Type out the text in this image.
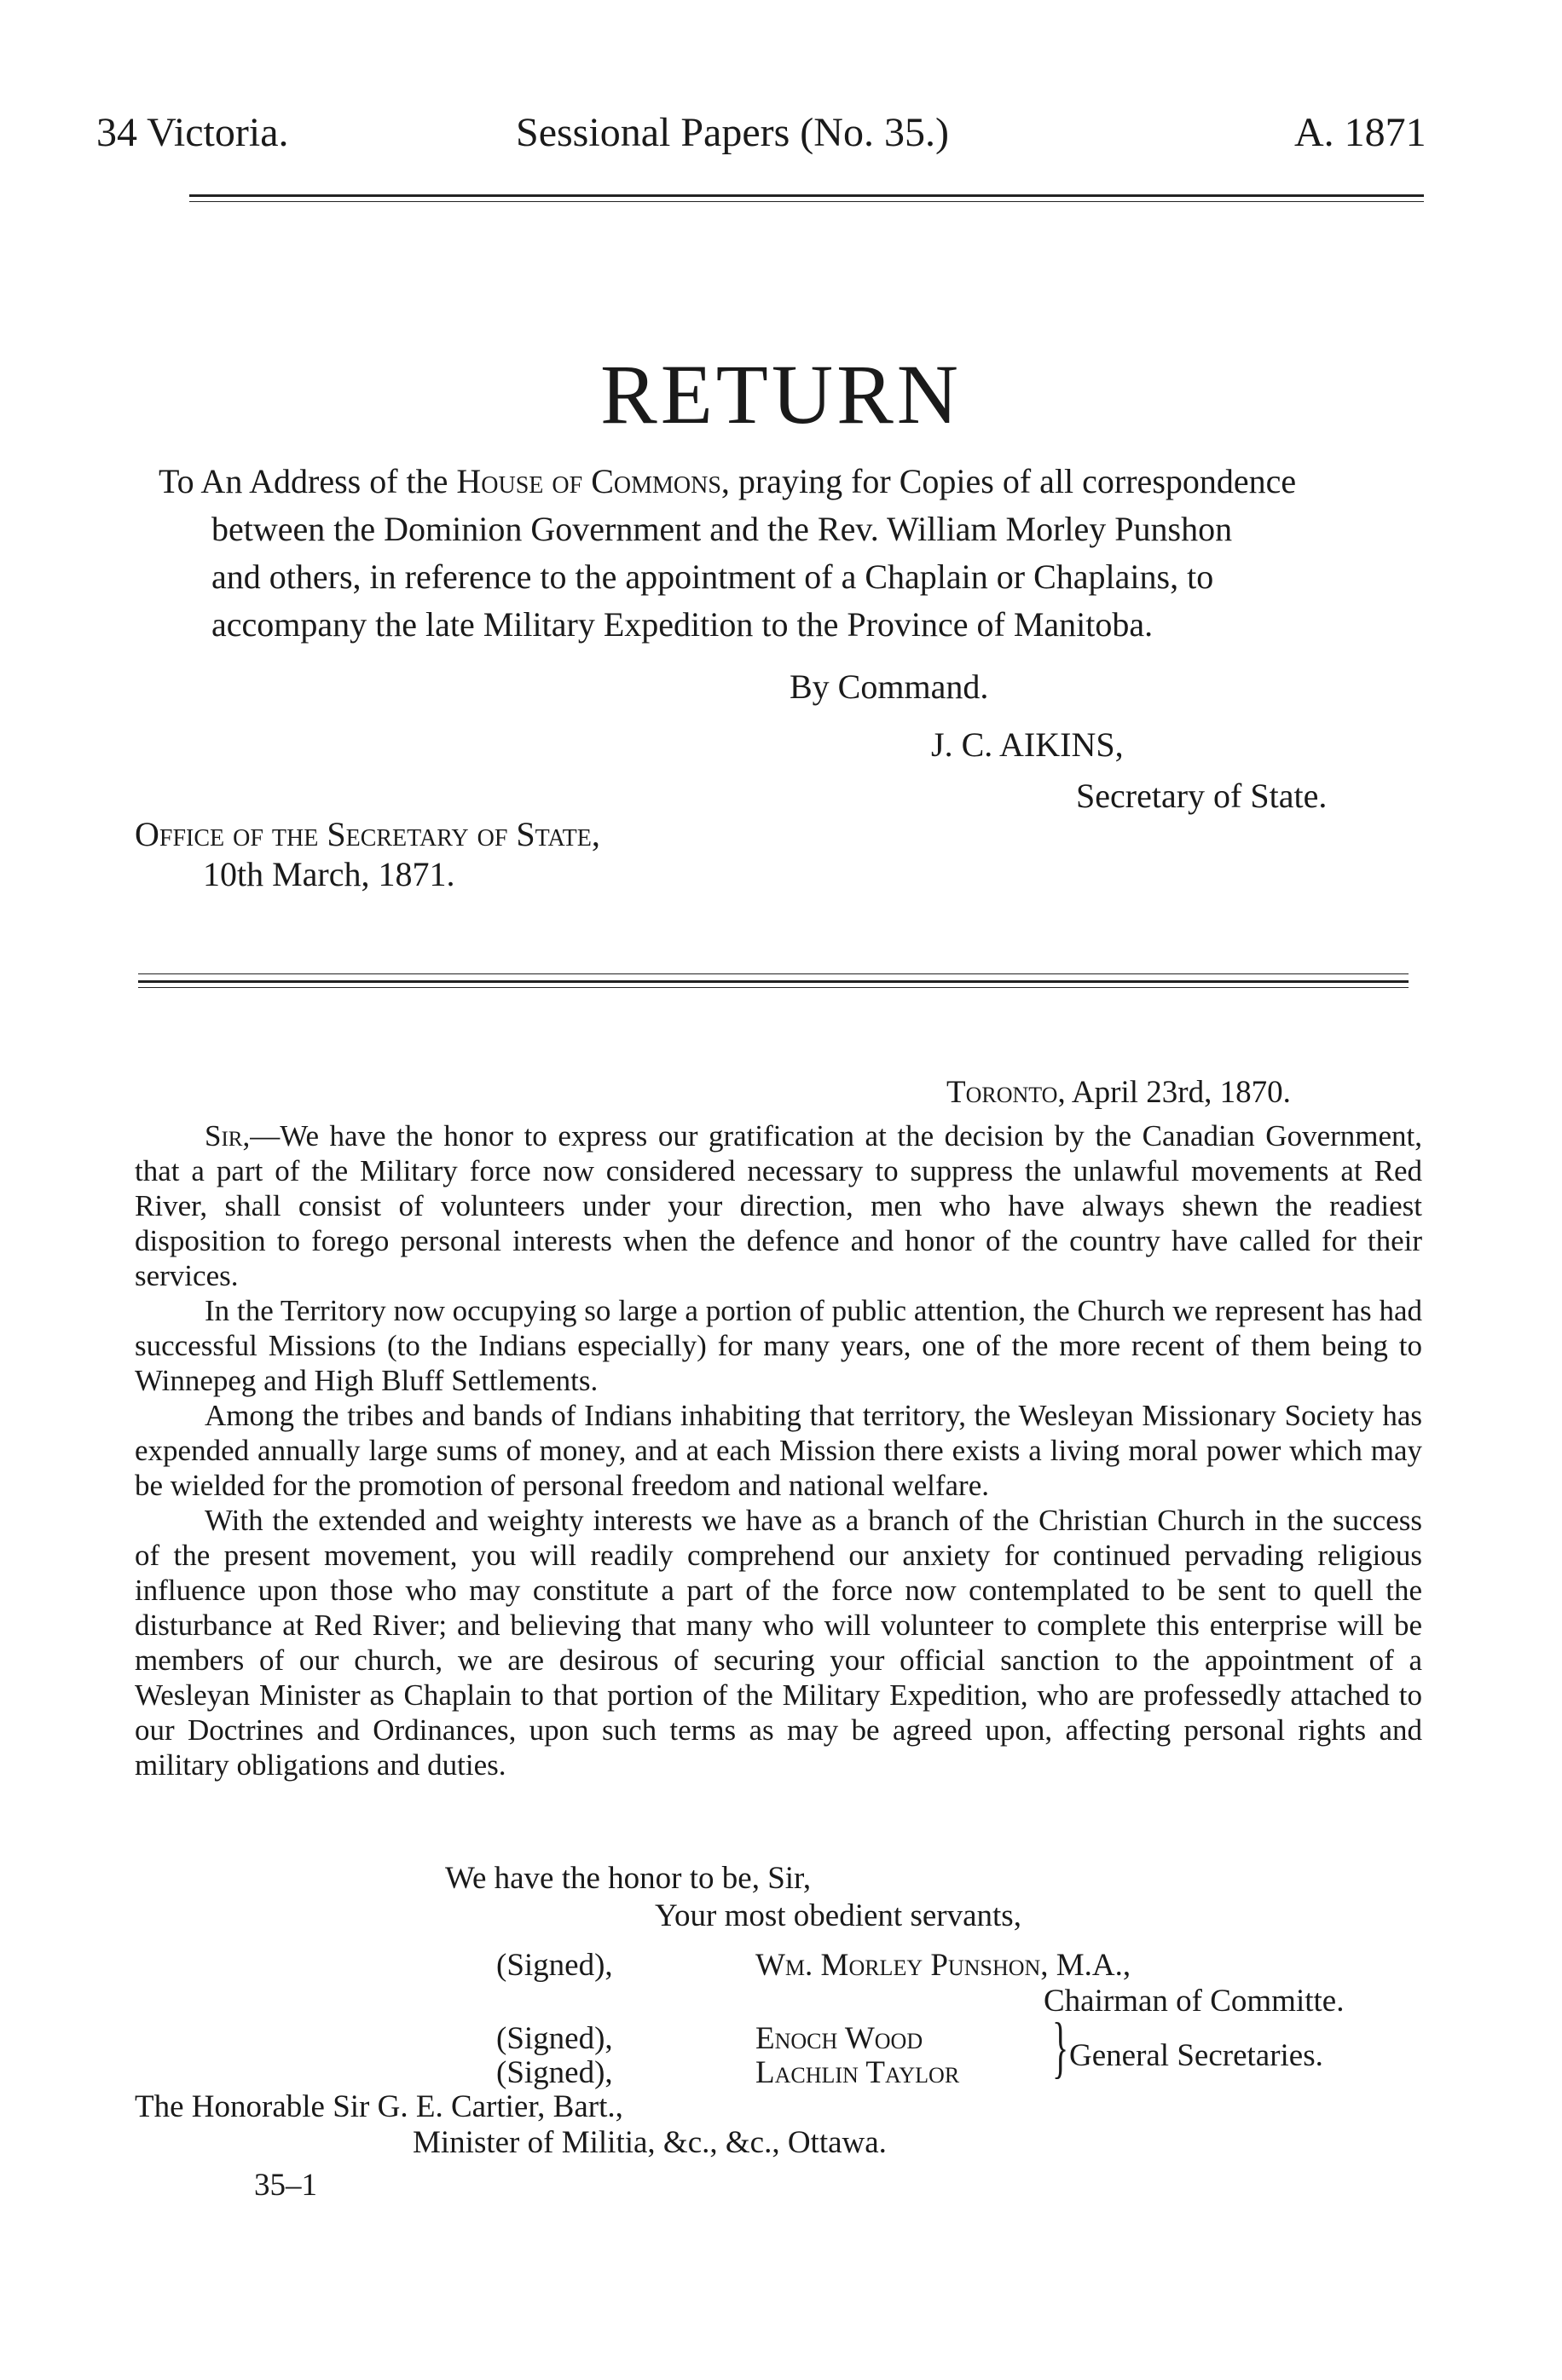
34 Victoria.	Sessional Papers (No. 35.)	A. 1871
RETURN
To An Address of the House of Commons, praying for Copies of all correspondence
between the Dominion Government and the Rev. William Morley Punshon
and others, in reference to the appointment of a Chaplain or Chaplains, to
accompany the late Military Expedition to the Province of Manitoba.
By Command.
J. C. AIKINS,
Secretary of State.
Office of the Secretary of State,
10th March, 1871.
Toronto, April 23rd, 1870.

Sir,—We have the honor to express our gratification at the decision by the Canadian Government, that a part of the Military force now considered necessary to suppress the unlawful movements at Red River, shall consist of volunteers under your direction, men who have always shewn the readiest disposition to forego personal interests when the defence and honor of the country have called for their services.

In the Territory now occupying so large a portion of public attention, the Church we represent has had successful Missions (to the Indians especially) for many years, one of the more recent of them being to Winnepeg and High Bluff Settlements.

Among the tribes and bands of Indians inhabiting that territory, the Wesleyan Missionary Society has expended annually large sums of money, and at each Mission there exists a living moral power which may be wielded for the promotion of personal freedom and national welfare.

With the extended and weighty interests we have as a branch of the Christian Church in the success of the present movement, you will readily comprehend our anxiety for continued pervading religious influence upon those who may constitute a part of the force now contemplated to be sent to quell the disturbance at Red River; and believing that many who will volunteer to complete this enterprise will be members of our church, we are desirous of securing your official sanction to the appointment of a Wesleyan Minister as Chaplain to that portion of the Military Expedition, who are professedly attached to our Doctrines and Ordinances, upon such terms as may be agreed upon, affecting personal rights and military obligations and duties.

We have the honor to be, Sir,
Your most obedient servants,
(Signed),	Wm. Morley Punshon, M.A.,
Chairman of Committe.
(Signed),	Enoch Wood
(Signed),	Lachlin Taylor } General Secretaries.
The Honorable Sir G. E. Cartier, Bart.,
Minister of Militia, &c., &c., Ottawa.
35–1
